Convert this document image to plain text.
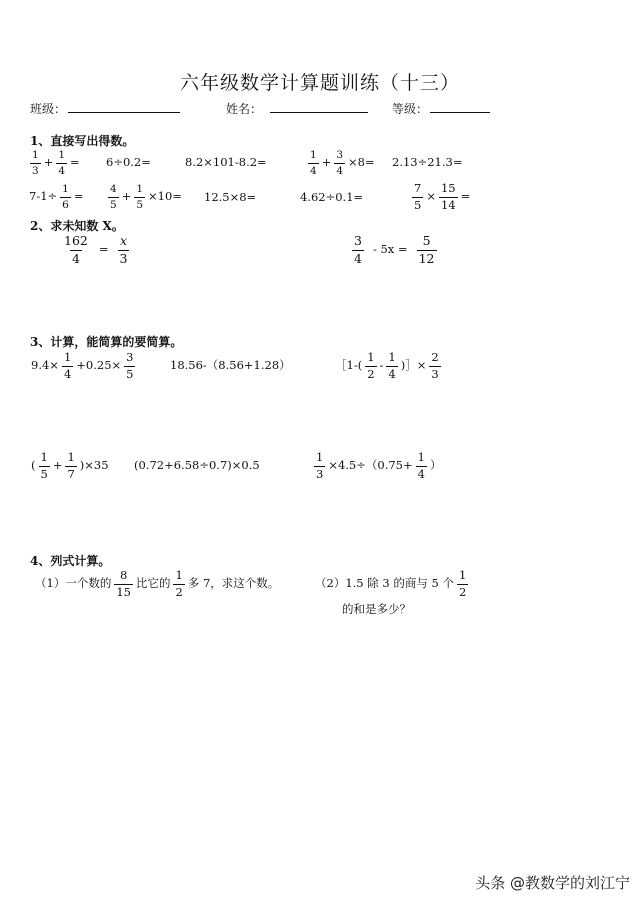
六年级数学计算题训练（十三）
班级：	姓名：	等级：
1、直接写出得数。
$\frac{1}{3} + \frac{1}{4} = 6\div 0.2=$	8.2×101-8.2=	$\frac{1}{4} + \frac{3}{4} \times 8= 2.13\div 21.3=$
$7-1\div \frac{1}{6} = \frac{4}{5} + \frac{1}{5} \times 10= 12.5\times 8=$	4.62÷0.1=	$\frac{7}{5} \times \frac{15}{14}$ =
2、求未知数 X。
$\frac{162}{4} = \frac{x}{3}$	$\frac{3}{4} - 5x = \frac{5}{12}$
3、计算，能简算的要简算。
$9.4\times \frac{1}{4} +0.25\times \frac{3}{5}$	18.56-（8.56+1.28）	［1-( $\frac{1}{2} - \frac{1}{4}$ )］× $\frac{2}{3}$
( $\frac{1}{5} + \frac{1}{7} )\times 35$ (0.72+6.58÷0.7)×0.5	$\frac{1}{3} \times 4.5\div(0.75+ \frac{1}{4}$ ）
4、列式计算。
（1）一个数的 $\frac{8}{15}$ 比它的 $\frac{1}{2}$ 多 7，求这个数。	（2）1.5 除 3 的商与 5 个 $\frac{1}{2}$
的和是多少？
头条 @教数学的刘江宁
